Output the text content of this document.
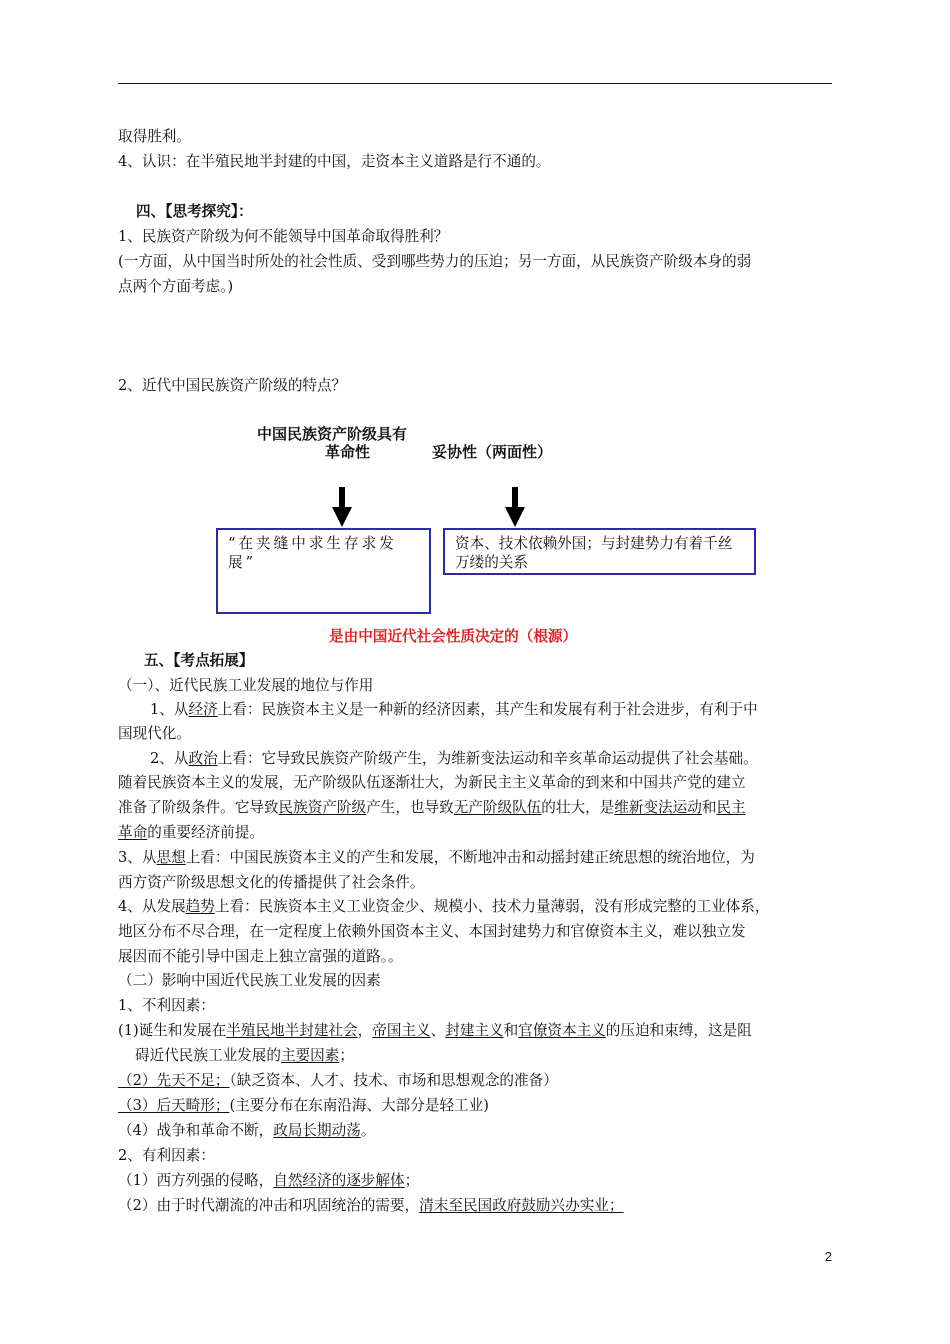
取得胜利。
4、认识：在半殖民地半封建的中国，走资本主义道路是行不通的。
四、【思考探究】：
1、民族资产阶级为何不能领导中国革命取得胜利？
(一方面，从中国当时所处的社会性质、受到哪些势力的压迫；另一方面，从民族资产阶级本身的弱
点两个方面考虑。)
2、近代中国民族资产阶级的特点？
中国民族资产阶级具有
革命性	妥协性（两面性）
“在夹缝中求生存求发展”
资本、技术依赖外国；与封建势力有着千丝万缕的关系
是由中国近代社会性质决定的（根源）
五、【考点拓展】
（一）、近代民族工业发展的地位与作用
1、从经济上看：民族资本主义是一种新的经济因素，其产生和发展有利于社会进步，有利于中
国现代化。
2、从政治上看：它导致民族资产阶级产生，为维新变法运动和辛亥革命运动提供了社会基础。
随着民族资本主义的发展，无产阶级队伍逐渐壮大，为新民主主义革命的到来和中国共产党的建立
准备了阶级条件。它导致民族资产阶级产生，也导致无产阶级队伍的壮大，是维新变法运动和民主
革命的重要经济前提。
3、从思想上看：中国民族资本主义的产生和发展，不断地冲击和动摇封建正统思想的统治地位，为
西方资产阶级思想文化的传播提供了社会条件。
4、从发展趋势上看：民族资本主义工业资金少、规模小、技术力量薄弱，没有形成完整的工业体系，
地区分布不尽合理，在一定程度上依赖外国资本主义、本国封建势力和官僚资本主义，难以独立发
展因而不能引导中国走上独立富强的道路。。
（二）影响中国近代民族工业发展的因素
1、不利因素：
(1)诞生和发展在半殖民地半封建社会，帝国主义、封建主义和官僚资本主义的压迫和束缚，这是阻
碍近代民族工业发展的主要因素；
（2）先天不足；（缺乏资本、人才、技术、市场和思想观念的准备）
（3）后天畸形；(主要分布在东南沿海、大部分是轻工业)
（4）战争和革命不断，政局长期动荡。
2、有利因素：
（1）西方列强的侵略，自然经济的逐步解体；
（2）由于时代潮流的冲击和巩固统治的需要，清末至民国政府鼓励兴办实业；
2
